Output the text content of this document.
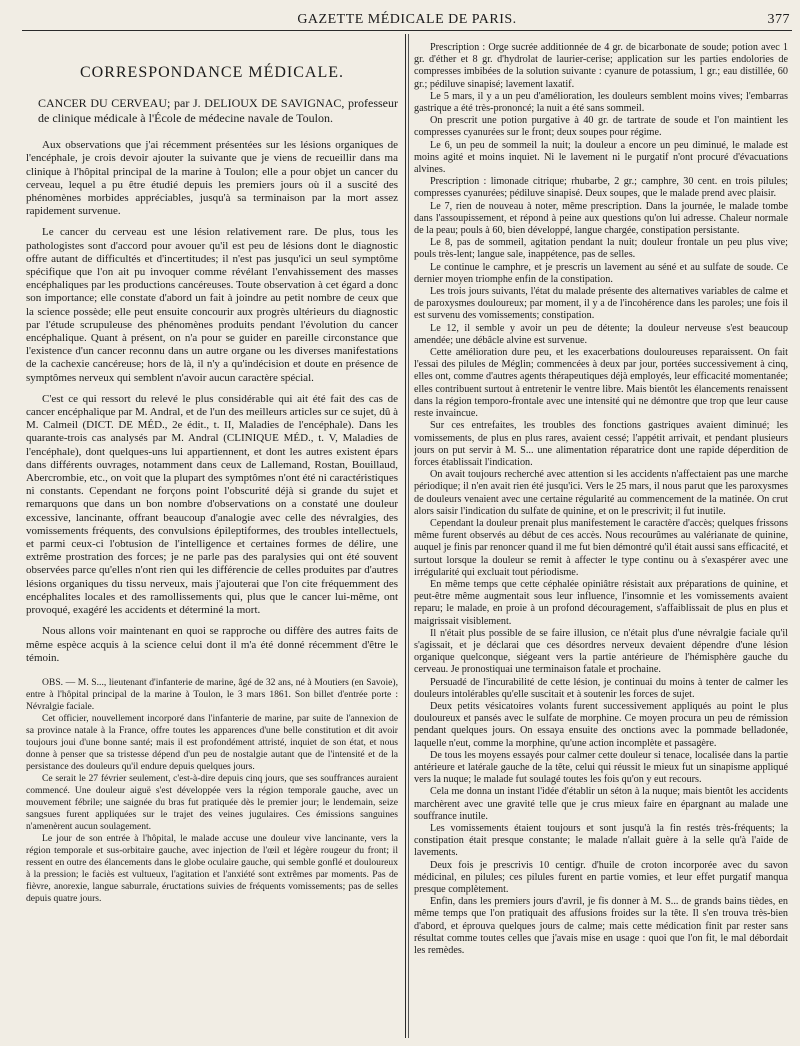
GAZETTE MÉDICALE DE PARIS.	377
CORRESPONDANCE MÉDICALE.

CANCER DU CERVEAU; par J. DELIOUX DE SAVIGNAC, professeur de clinique médicale à l'École de médecine navale de Toulon.

Aux observations que j'ai récemment présentées sur les lésions organiques de l'encéphale, je crois devoir ajouter la suivante que je viens de recueillir dans ma clinique à l'hôpital principal de la marine à Toulon; elle a pour objet un cancer du cerveau, lequel a pu être étudié depuis les premiers jours où il a suscité des phénomènes morbides appréciables, jusqu'à sa terminaison par la mort assez rapidement survenue.

Le cancer du cerveau est une lésion relativement rare. De plus, tous les pathologistes sont d'accord pour avouer qu'il est peu de lésions dont le diagnostic offre autant de difficultés et d'incertitudes; il n'est pas jusqu'ici un seul symptôme spécifique que l'on ait pu invoquer comme révélant l'envahissement des masses encéphaliques par les productions cancéreuses. Toute observation à cet égard a donc son importance; elle constate d'abord un fait à joindre au petit nombre de ceux que la science possède; elle peut ensuite concourir aux progrès ultérieurs du diagnostic par l'étude scrupuleuse des phénomènes produits pendant l'évolution du cancer encéphalique. Quant à présent, on n'a pour se guider en pareille circonstance que l'existence d'un cancer reconnu dans un autre organe ou les diverses manifestations de la cachexie cancéreuse; hors de là, il n'y a qu'indécision et doute en présence de symptômes nerveux qui semblent n'avoir aucun caractère spécial.

C'est ce qui ressort du relevé le plus considérable qui ait été fait des cas de cancer encéphalique par M. Andral, et de l'un des meilleurs articles sur ce sujet, dû à M. Calmeil (DICT. DE MÉD., 2e édit., t. II, Maladies de l'encéphale). Dans les quarante-trois cas analysés par M. Andral (CLINIQUE MÉD., t. V, Maladies de l'encéphale), dont quelques-uns lui appartiennent, et dont les autres existent épars dans différents ouvrages, notamment dans ceux de Lallemand, Rostan, Bouillaud, Abercrombie, etc., on voit que la plupart des symptômes n'ont été ni caractéristiques ni constants. Cependant ne forçons point l'obscurité déjà si grande du sujet et remarquons que dans un bon nombre d'observations on a constaté une douleur excessive, lancinante, offrant beaucoup d'analogie avec celle des névralgies, des vomissements fréquents, des convulsions épileptiformes, des troubles intellectuels, et parmi ceux-ci l'obtusion de l'intelligence et certaines formes de délire, une extrême prostration des forces; je ne parle pas des paralysies qui ont été souvent observées parce qu'elles n'ont rien qui les différencie de celles produites par d'autres lésions organiques du tissu nerveux, mais j'ajouterai que l'on cite fréquemment des encéphalites locales et des ramollissements qui, plus que le cancer lui-même, ont provoqué, exagéré les accidents et déterminé la mort.

Nous allons voir maintenant en quoi se rapproche ou diffère des autres faits de même espèce acquis à la science celui dont il m'a été donné récemment d'être le témoin.

OBS. — M. S..., lieutenant d'infanterie de marine, âgé de 32 ans, né à Moutiers (en Savoie), entre à l'hôpital principal de la marine à Toulon, le 3 mars 1861. Son billet d'entrée porte : Névralgie faciale.

Cet officier, nouvellement incorporé dans l'infanterie de marine, par suite de l'annexion de sa province natale à la France, offre toutes les apparences d'une belle constitution et dit avoir toujours joui d'une bonne santé; mais il est profondément attristé, inquiet de son état, et nous donne à penser que sa tristesse dépend d'un peu de nostalgie autant que de l'intensité et de la persistance des douleurs qu'il endure depuis quelques jours.

Ce serait le 27 février seulement, c'est-à-dire depuis cinq jours, que ses souffrances auraient commencé. Une douleur aiguë s'est développée vers la région temporale gauche, avec un mouvement fébrile; une saignée du bras fut pratiquée dès le premier jour; le lendemain, seize sangsues furent appliquées sur le trajet des veines jugulaires. Ces émissions sanguines n'amenèrent aucun soulagement.

Le jour de son entrée à l'hôpital, le malade accuse une douleur vive lancinante, vers la région temporale et sus-orbitaire gauche, avec injection de l'œil et légère rougeur du front; il ressent en outre des élancements dans le globe oculaire gauche, qui semble gonflé et douloureux à la pression; le faciès est vultueux, l'agitation et l'anxiété sont extrêmes par moments. Pas de fièvre, anorexie, langue saburrale, éructations suivies de fréquents vomissements; pas de selles depuis quatre jours.

Prescription : Orge sucrée additionnée de 4 gr. de bicarbonate de soude; potion avec 1 gr. d'éther et 8 gr. d'hydrolat de laurier-cerise; application sur les parties endolories de compresses imbibées de la solution suivante : cyanure de potassium, 1 gr.; eau distillée, 60 gr.; pédiluve sinapisé; lavement laxatif.

Le 5 mars, il y a un peu d'amélioration, les douleurs semblent moins vives; l'embarras gastrique a été très-prononcé; la nuit a été sans sommeil.

On prescrit une potion purgative à 40 gr. de tartrate de soude et l'on maintient les compresses cyanurées sur le front; deux soupes pour régime.

Le 6, un peu de sommeil la nuit; la douleur a encore un peu diminué, le malade est moins agité et moins inquiet. Ni le lavement ni le purgatif n'ont procuré d'évacuations alvines.

Prescription : limonade citrique; rhubarbe, 2 gr.; camphre, 30 cent. en trois pilules; compresses cyanurées; pédiluve sinapisé. Deux soupes, que le malade prend avec plaisir.

Le 7, rien de nouveau à noter, même prescription. Dans la journée, le malade tombe dans l'assoupissement, et répond à peine aux questions qu'on lui adresse. Chaleur normale de la peau; pouls à 60, bien développé, langue chargée, constipation persistante.

Le 8, pas de sommeil, agitation pendant la nuit; douleur frontale un peu plus vive; pouls très-lent; langue sale, inappétence, pas de selles.

Le continue le camphre, et je prescris un lavement au séné et au sulfate de soude. Ce dernier moyen triomphe enfin de la constipation.

Les trois jours suivants, l'état du malade présente des alternatives variables de calme et de paroxysmes douloureux; par moment, il y a de l'incohérence dans les paroles; une fois il est survenu des vomissements; constipation.

Le 12, il semble y avoir un peu de détente; la douleur nerveuse s'est beaucoup amendée; une débâcle alvine est survenue.

Cette amélioration dure peu, et les exacerbations douloureuses reparaissent. On fait l'essai des pilules de Méglin; commencées à deux par jour, portées successivement à cinq, elles ont, comme d'autres agents thérapeutiques déjà employés, leur efficacité momentanée; elles contribuent surtout à entretenir le ventre libre. Mais bientôt les élancements renaissent dans la région temporo-frontale avec une intensité qui ne démontre que trop que leur cause reste invaincue.

Sur ces entrefaites, les troubles des fonctions gastriques avaient diminué; les vomissements, de plus en plus rares, avaient cessé; l'appétit arrivait, et pendant plusieurs jours on put servir à M. S... une alimentation réparatrice dont une rapide déperdition de forces établissait l'indication.

On avait toujours recherché avec attention si les accidents n'affectaient pas une marche périodique; il n'en avait rien été jusqu'ici. Vers le 25 mars, il nous parut que les paroxysmes de douleurs venaient avec une certaine régularité au commencement de la matinée. On crut alors saisir l'indication du sulfate de quinine, et on le prescrivit; il fut inutile.

Cependant la douleur prenait plus manifestement le caractère d'accès; quelques frissons même furent observés au début de ces accès. Nous recourûmes au valérianate de quinine, auquel je finis par renoncer quand il me fut bien démontré qu'il était aussi sans efficacité, et surtout lorsque la douleur se remit à affecter le type continu ou à s'exaspérer avec une irrégularité qui excluait tout périodisme.

En même temps que cette céphalée opiniâtre résistait aux préparations de quinine, et peut-être même augmentait sous leur influence, l'insomnie et les vomissements avaient reparu; le malade, en proie à un profond découragement, s'affaiblissait de plus en plus et maigrissait visiblement.

Il n'était plus possible de se faire illusion, ce n'était plus d'une névralgie faciale qu'il s'agissait, et je déclarai que ces désordres nerveux devaient dépendre d'une lésion organique quelconque, siégeant vers la partie antérieure de l'hémisphère gauche du cerveau. Je pronostiquai une terminaison fatale et prochaine.

Persuadé de l'incurabilité de cette lésion, je continuai du moins à tenter de calmer les douleurs intolérables qu'elle suscitait et à soutenir les forces de sujet.

Deux petits vésicatoires volants furent successivement appliqués au point le plus douloureux et pansés avec le sulfate de morphine. Ce moyen procura un peu de rémission pendant quelques jours. On essaya ensuite des onctions avec la pommade belladonée, laquelle n'eut, comme la morphine, qu'une action incomplète et passagère.

De tous les moyens essayés pour calmer cette douleur si tenace, localisée dans la partie antérieure et latérale gauche de la tête, celui qui réussit le mieux fut un sinapisme appliqué vers la nuque; le malade fut soulagé toutes les fois qu'on y eut recours.

Cela me donna un instant l'idée d'établir un séton à la nuque; mais bientôt les accidents marchèrent avec une gravité telle que je crus mieux faire en épargnant au malade une souffrance inutile.

Les vomissements étaient toujours et sont jusqu'à la fin restés très-fréquents; la constipation était presque constante; le malade n'allait guère à la selle qu'à l'aide de lavements.

Deux fois je prescrivis 10 centigr. d'huile de croton incorporée avec du savon médicinal, en pilules; ces pilules furent en partie vomies, et leur effet purgatif manqua presque complètement.

Enfin, dans les premiers jours d'avril, je fis donner à M. S... de grands bains tièdes, en même temps que l'on pratiquait des affusions froides sur la tête. Il s'en trouva très-bien d'abord, et éprouva quelques jours de calme; mais cette médication finit par rester sans résultat comme toutes celles que j'avais mise en usage : quoi que l'on fit, le mal débordait les remèdes.
